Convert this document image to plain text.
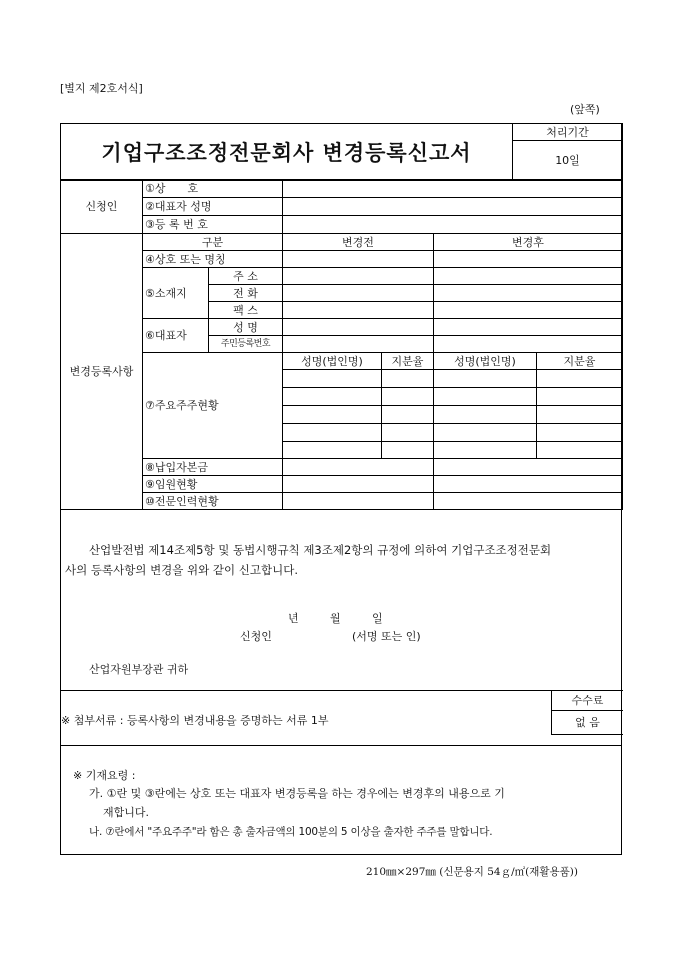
[별지 제2호서식]
(앞쪽)
기업구조조정전문회사 변경등록신고서	처리기간
10일
신청인	①상　　호					
	②대표자 성명					
	③등 록 번 호					
변경등록사항	구분		변경전		변경후	
	④상호 또는 명칭					
	⑤소재지	주 소				
		전 화				
		팩 스				
	⑥대표자	성 명				
		주민등록번호				
	⑦주요주주현황		성명(법인명)	지분율	성명(법인명)	지분율

	⑧납입자본금					
	⑨임원현황					
	⑩전문인력현황					
산업발전법 제14조제5항 및 동법시행규칙 제3조제2항의 규정에 의하여 기업구조조정전문회
사의 등록사항의 변경을 위와 같이 신고합니다.
년	월	일
신청인	(서명 또는 인)
산업자원부장관 귀하
※ 첨부서류 : 등록사항의 변경내용을 증명하는 서류 1부
수수료
없 음
※ 기재요령 :
가. ①란 및 ③란에는 상호 또는 대표자 변경등록을 하는 경우에는 변경후의 내용으로 기
재합니다.
나. ⑦란에서 "주요주주"라 함은 총 출자금액의 100분의 5 이상을 출자한 주주를 말합니다.
210㎜×297㎜ (신문용지 54ｇ/㎡(재활용품))
